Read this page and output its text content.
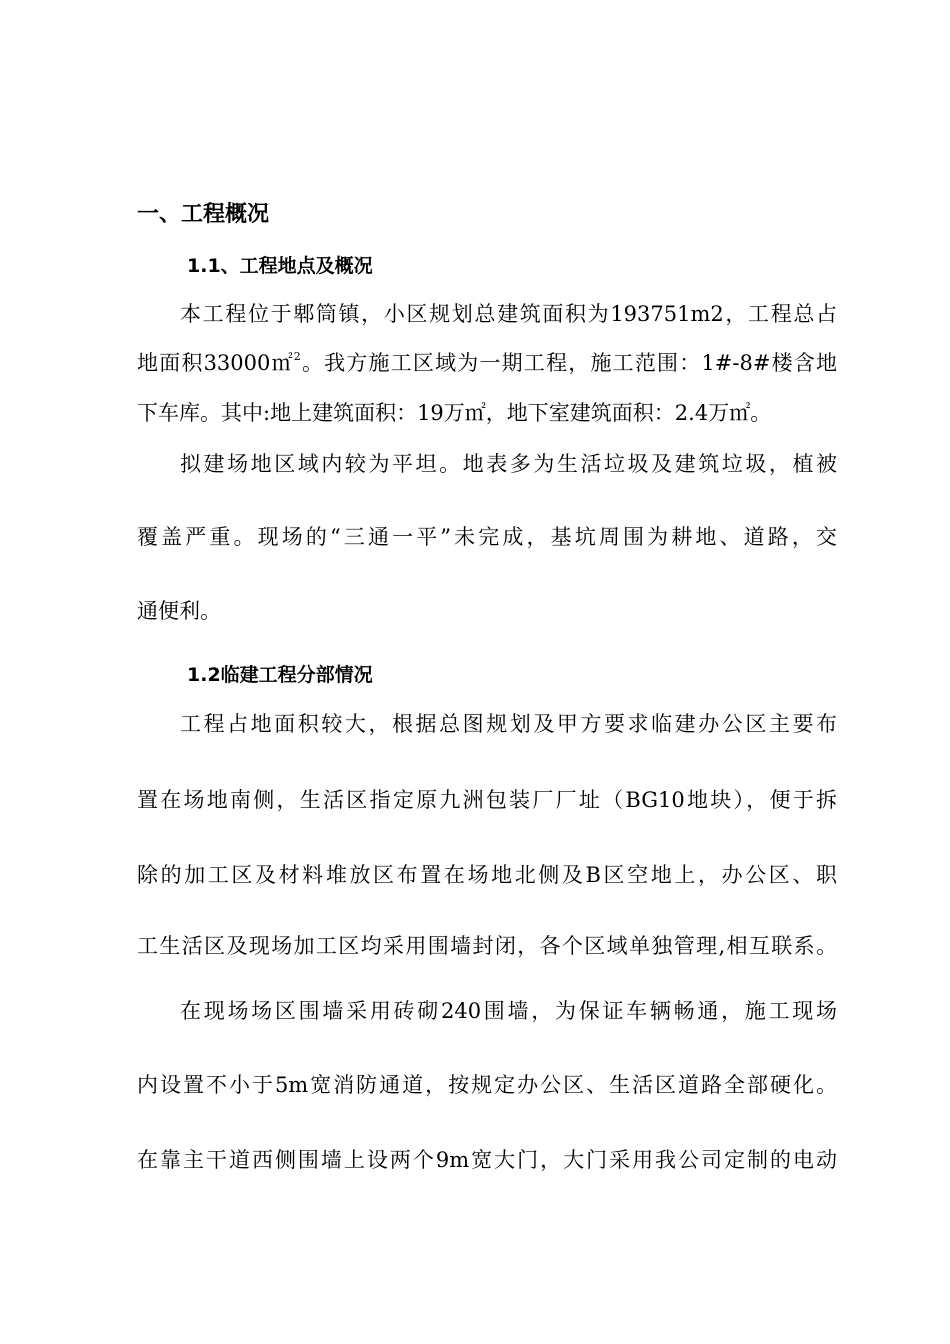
一、工程概况
1.1、工程地点及概况
本工程位于郫筒镇，小区规划总建筑面积为193751m2，工程总占
地面积33000㎡$^2$。我方施工区域为一期工程，施工范围：1#-8#楼含地
下车库。其中:地上建筑面积：19万㎡，地下室建筑面积：2.4万㎡。
拟建场地区域内较为平坦。地表多为生活垃圾及建筑垃圾，植被
覆盖严重。现场的“三通一平”未完成，基坑周围为耕地、道路，交
通便利。
1.2临建工程分部情况
工程占地面积较大，根据总图规划及甲方要求临建办公区主要布
置在场地南侧，生活区指定原九洲包装厂厂址（BG10地块），便于拆
除的加工区及材料堆放区布置在场地北侧及B区空地上，办公区、职
工生活区及现场加工区均采用围墙封闭，各个区域单独管理,相互联系。
在现场场区围墙采用砖砌240围墙，为保证车辆畅通，施工现场
内设置不小于5m宽消防通道，按规定办公区、生活区道路全部硬化。
在靠主干道西侧围墙上设两个9m宽大门，大门采用我公司定制的电动
